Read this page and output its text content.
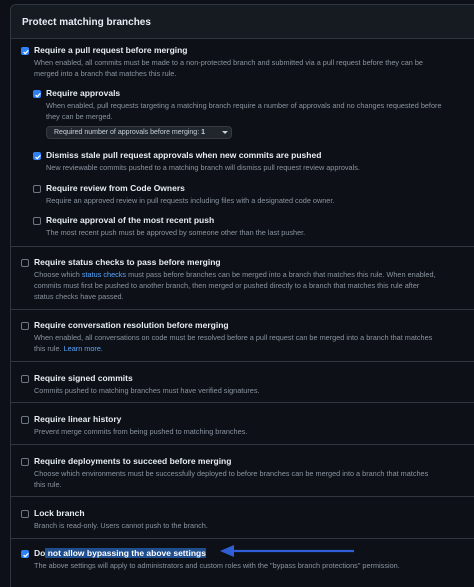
Protect matching branches
Require a pull request before merging
When enabled, all commits must be made to a non-protected branch and submitted via a pull request before they can be
merged into a branch that matches this rule.
Require approvals
When enabled, pull requests targeting a matching branch require a number of approvals and no changes requested before
they can be merged.
Required number of approvals before merging: 1
Dismiss stale pull request approvals when new commits are pushed
New reviewable commits pushed to a matching branch will dismiss pull request review approvals.
Require review from Code Owners
Require an approved review in pull requests including files with a designated code owner.
Require approval of the most recent push
The most recent push must be approved by someone other than the last pusher.
Require status checks to pass before merging
Choose which status checks must pass before branches can be merged into a branch that matches this rule. When enabled,
commits must first be pushed to another branch, then merged or pushed directly to a branch that matches this rule after
status checks have passed.
Require conversation resolution before merging
When enabled, all conversations on code must be resolved before a pull request can be merged into a branch that matches
this rule. Learn more.
Require signed commits
Commits pushed to matching branches must have verified signatures.
Require linear history
Prevent merge commits from being pushed to matching branches.
Require deployments to succeed before merging
Choose which environments must be successfully deployed to before branches can be merged into a branch that matches
this rule.
Lock branch
Branch is read-only. Users cannot push to the branch.
Do not allow bypassing the above settings
The above settings will apply to administrators and custom roles with the "bypass branch protections" permission.
